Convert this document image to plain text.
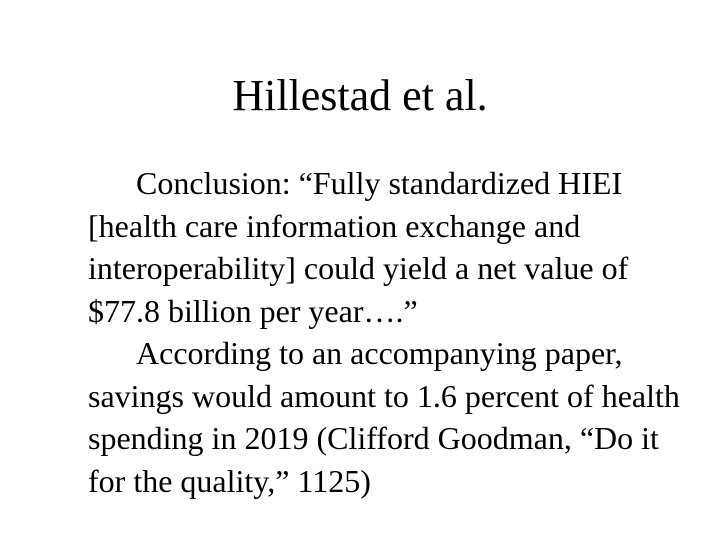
Hillestad et al.

Conclusion: “Fully standardized HIEI [health care information exchange and interoperability] could yield a net value of $77.8 billion per year….”

According to an accompanying paper, savings would amount to 1.6 percent of health spending in 2019 (Clifford Goodman, “Do it for the quality,” 1125)
